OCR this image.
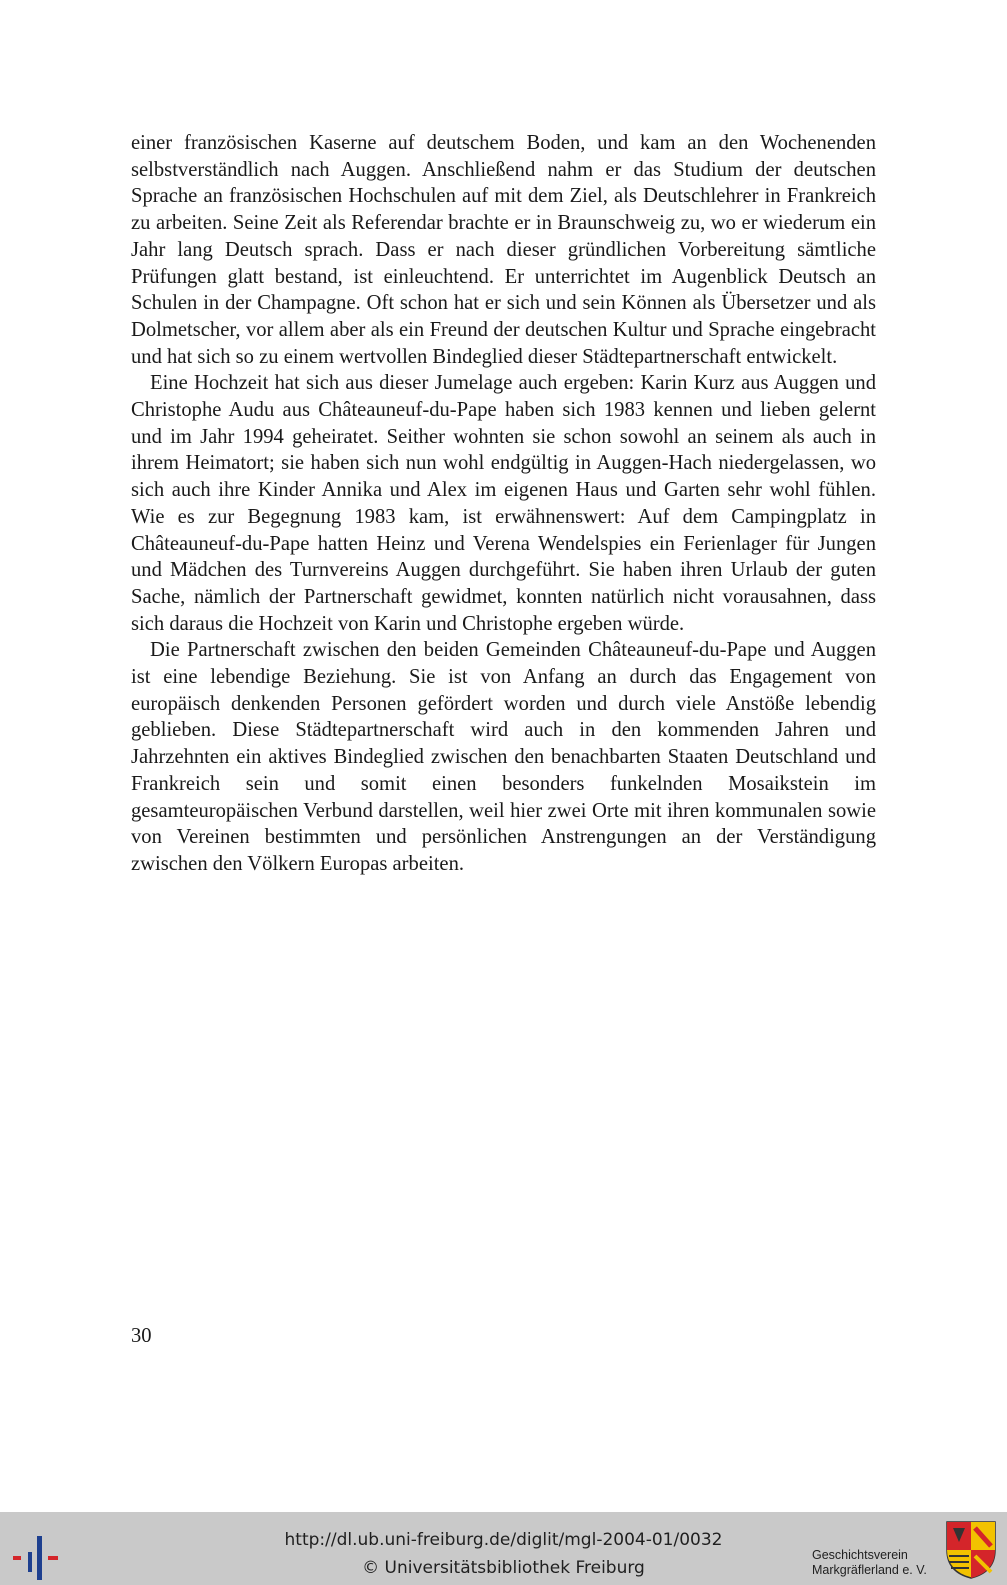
einer französischen Kaserne auf deutschem Boden, und kam an den Wochenenden selbstverständlich nach Auggen. Anschließend nahm er das Studium der deutschen Sprache an französischen Hochschulen auf mit dem Ziel, als Deutschlehrer in Frankreich zu arbeiten. Seine Zeit als Referendar brachte er in Braunschweig zu, wo er wiederum ein Jahr lang Deutsch sprach. Dass er nach dieser gründlichen Vorbereitung sämtliche Prüfungen glatt bestand, ist einleuchtend. Er unterrichtet im Augenblick Deutsch an Schulen in der Champagne. Oft schon hat er sich und sein Können als Übersetzer und als Dolmetscher, vor allem aber als ein Freund der deutschen Kultur und Sprache eingebracht und hat sich so zu einem wertvollen Bindeglied dieser Städtepartnerschaft entwickelt.

Eine Hochzeit hat sich aus dieser Jumelage auch ergeben: Karin Kurz aus Auggen und Christophe Audu aus Châteauneuf-du-Pape haben sich 1983 kennen und lieben gelernt und im Jahr 1994 geheiratet. Seither wohnten sie schon sowohl an seinem als auch in ihrem Heimatort; sie haben sich nun wohl endgültig in Auggen-Hach niedergelassen, wo sich auch ihre Kinder Annika und Alex im eigenen Haus und Garten sehr wohl fühlen. Wie es zur Begegnung 1983 kam, ist erwähnenswert: Auf dem Campingplatz in Châteauneuf-du-Pape hatten Heinz und Verena Wendelspies ein Ferienlager für Jungen und Mädchen des Turnvereins Auggen durchgeführt. Sie haben ihren Urlaub der guten Sache, nämlich der Partnerschaft gewidmet, konnten natürlich nicht vorausahnen, dass sich daraus die Hochzeit von Karin und Christophe ergeben würde.

Die Partnerschaft zwischen den beiden Gemeinden Châteauneuf-du-Pape und Auggen ist eine lebendige Beziehung. Sie ist von Anfang an durch das Engagement von europäisch denkenden Personen gefördert worden und durch viele Anstöße lebendig geblieben. Diese Städtepartnerschaft wird auch in den kommenden Jahren und Jahrzehnten ein aktives Bindeglied zwischen den benachbarten Staaten Deutschland und Frankreich sein und somit einen besonders funkelnden Mosaikstein im gesamteuropäischen Verbund darstellen, weil hier zwei Orte mit ihren kommunalen sowie von Vereinen bestimmten und persönlichen Anstrengungen an der Verständigung zwischen den Völkern Europas arbeiten.

30
http://dl.ub.uni-freiburg.de/diglit/mgl-2004-01/0032
© Universitätsbibliothek Freiburg
Geschichtsverein
Markgräflerland e. V.
